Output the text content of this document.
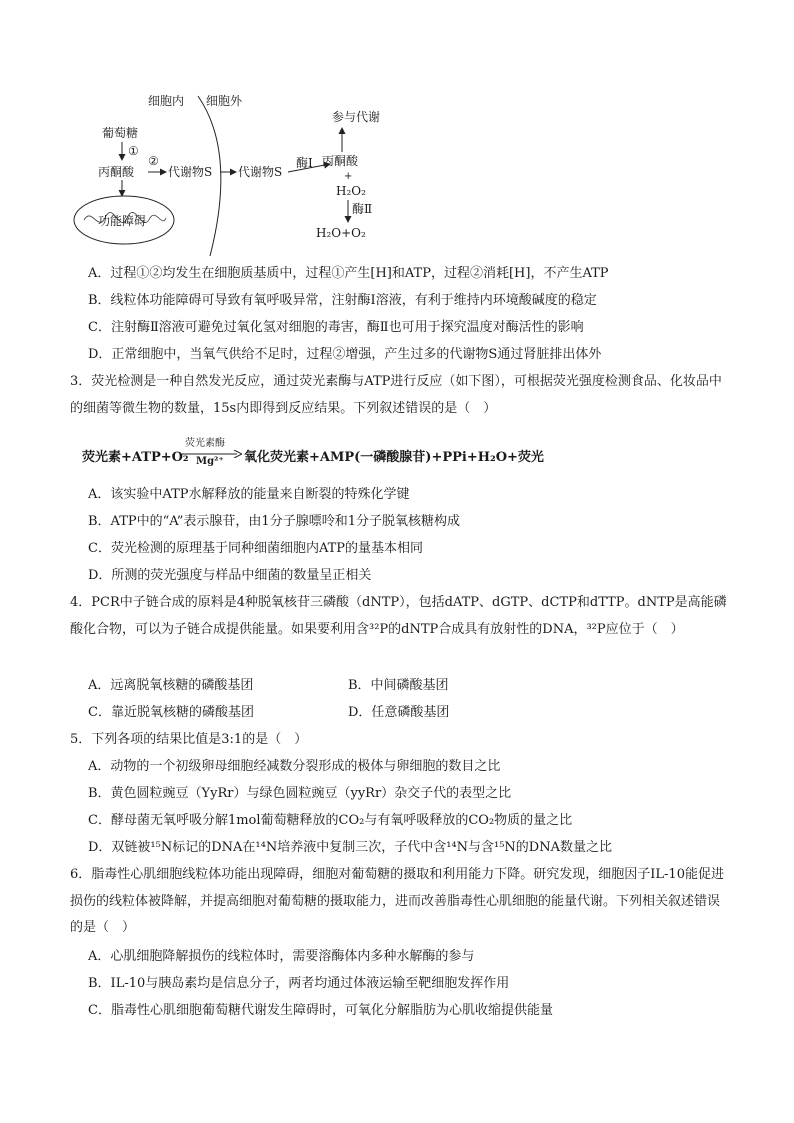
细胞内 细胞外
葡萄糖
①
②
丙酮酸	代谢物S 代谢物S
功能障碍
酶Ⅰ 丙酮酸
参与代谢
+
H₂O₂
酶Ⅱ
H₂O+O₂
A．过程①②均发生在细胞质基质中，过程①产生[H]和ATP，过程②消耗[H]，不产生ATP
B．线粒体功能障碍可导致有氧呼吸异常，注射酶Ⅰ溶液，有利于维持内环境酸碱度的稳定
C．注射酶Ⅱ溶液可避免过氧化氢对细胞的毒害，酶Ⅱ也可用于探究温度对酶活性的影响
D．正常细胞中，当氧气供给不足时，过程②增强，产生过多的代谢物S通过肾脏排出体外
3．荧光检测是一种自然发光反应，通过荧光素酶与ATP进行反应（如下图），可根据荧光强度检测食品、化妆品中的细菌等微生物的数量，15s内即得到反应结果。下列叙述错误的是（　）
荧光素+ATP+O₂
荧光素酶
Mg²⁺ 氧化荧光素+AMP(一磷酸腺苷)+PPi+H₂O+荧光
A．该实验中ATP水解释放的能量来自断裂的特殊化学键
B．ATP中的“A”表示腺苷，由1分子腺嘌呤和1分子脱氧核糖构成
C．荧光检测的原理基于同种细菌细胞内ATP的量基本相同
D．所测的荧光强度与样品中细菌的数量呈正相关
4．PCR中子链合成的原料是4种脱氧核苷三磷酸（dNTP），包括dATP、dGTP、dCTP和dTTP。dNTP是高能磷酸化合物，可以为子链合成提供能量。如果要利用含³²P的dNTP合成具有放射性的DNA，³²P应位于（　）
A．远离脱氧核糖的磷酸基团	B．中间磷酸基团
C．靠近脱氧核糖的磷酸基团	D．任意磷酸基团
5．下列各项的结果比值是3:1的是（　）
A．动物的一个初级卵母细胞经减数分裂形成的极体与卵细胞的数目之比
B．黄色圆粒豌豆（YyRr）与绿色圆粒豌豆（yyRr）杂交子代的表型之比
C．酵母菌无氧呼吸分解1mol葡萄糖释放的CO₂与有氧呼吸释放的CO₂物质的量之比
D．双链被¹⁵N标记的DNA在¹⁴N培养液中复制三次，子代中含¹⁴N与含¹⁵N的DNA数量之比
6．脂毒性心肌细胞线粒体功能出现障碍，细胞对葡萄糖的摄取和利用能力下降。研究发现，细胞因子IL-10能促进损伤的线粒体被降解，并提高细胞对葡萄糖的摄取能力，进而改善脂毒性心肌细胞的能量代谢。下列相关叙述错误的是（　）
A．心肌细胞降解损伤的线粒体时，需要溶酶体内多种水解酶的参与
B．IL-10与胰岛素均是信息分子，两者均通过体液运输至靶细胞发挥作用
C．脂毒性心肌细胞葡萄糖代谢发生障碍时，可氧化分解脂肪为心肌收缩提供能量
